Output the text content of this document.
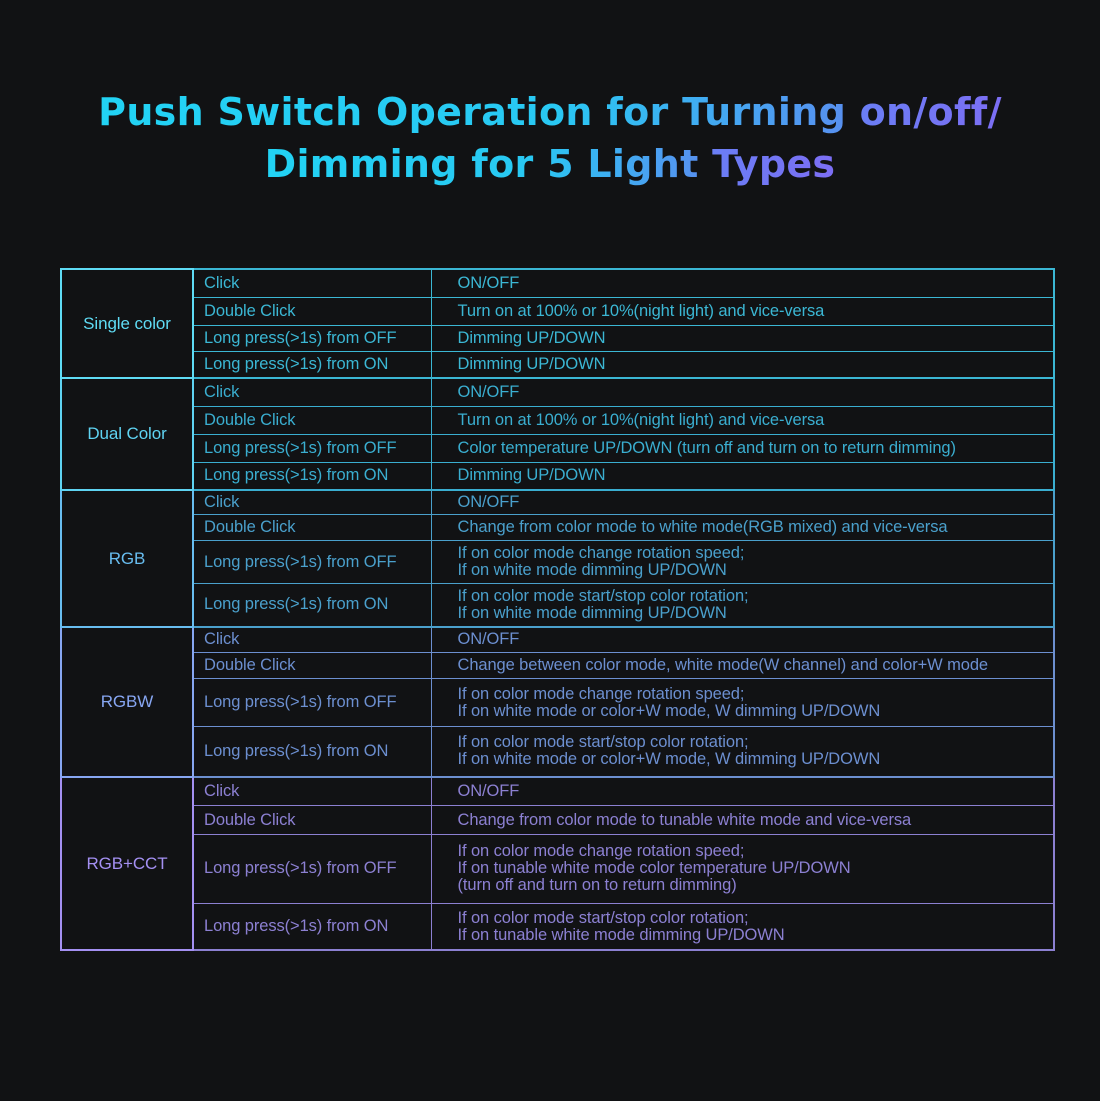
Push Switch Operation for Turning on/off/
Dimming for 5 Light Types
Single color	Click	ON/OFF

	Double Click	Turn on at 100% or 10%(night light) and vice-versa

	Long press(>1s) from OFF	Dimming UP/DOWN

	Long press(>1s) from ON	Dimming UP/DOWN

Dual Color	Click	ON/OFF

	Double Click	Turn on at 100% or 10%(night light) and vice-versa

	Long press(>1s) from OFF	Color temperature UP/DOWN (turn off and turn on to return dimming)

	Long press(>1s) from ON	Dimming UP/DOWN

RGB	Click	ON/OFF

	Double Click	Change from color mode to white mode(RGB mixed) and vice-versa

	Long press(>1s) from OFF	If on color mode change rotation speed;
If on white mode dimming UP/DOWN

	Long press(>1s) from ON	If on color mode start/stop color rotation;
If on white mode dimming UP/DOWN

RGBW	Click	ON/OFF

	Double Click	Change between color mode, white mode(W channel) and color+W mode

	Long press(>1s) from OFF	If on color mode change rotation speed;
If on white mode or color+W mode, W dimming UP/DOWN

	Long press(>1s) from ON	If on color mode start/stop color rotation;
If on white mode or color+W mode, W dimming UP/DOWN

RGB+CCT	Click	ON/OFF

	Double Click	Change from color mode to tunable white mode and vice-versa

	Long press(>1s) from OFF	If on color mode change rotation speed;
If on tunable white mode color temperature UP/DOWN
(turn off and turn on to return dimming)

	Long press(>1s) from ON	If on color mode start/stop color rotation;
If on tunable white mode dimming UP/DOWN
